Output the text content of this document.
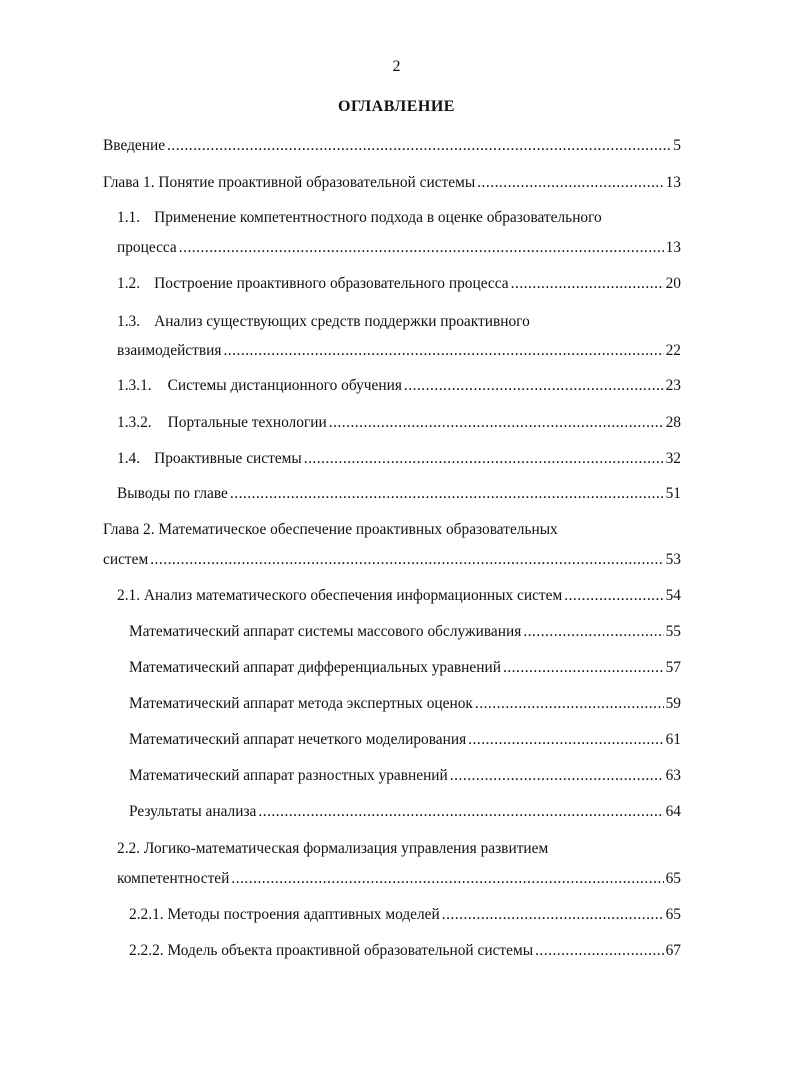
2
ОГЛАВЛЕНИЕ
Введение .....	5
Глава 1. Понятие проактивной образовательной системы .....	13
1.1. Применение компетентностного подхода в оценке образовательного
процесса .....	13
1.2. Построение проактивного образовательного процесса .....	20
1.3. Анализ существующих средств поддержки проактивного
взаимодействия .....	22
1.3.1. Системы дистанционного обучения .....	23
1.3.2. Портальные технологии .....	28
1.4. Проактивные системы .....	32
Выводы по главе .....	51
Глава 2. Математическое обеспечение проактивных образовательных
систем .....	53
2.1. Анализ математического обеспечения информационных систем .....	54
Математический аппарат системы массового обслуживания .....	55
Математический аппарат дифференциальных уравнений .....	57
Математический аппарат метода экспертных оценок .....	59
Математический аппарат нечеткого моделирования .....	61
Математический аппарат разностных уравнений .....	63
Результаты анализа .....	64
2.2. Логико-математическая формализация управления развитием
компетентностей .....	65
2.2.1. Методы построения адаптивных моделей .....	65
2.2.2. Модель объекта проактивной образовательной системы .....	67
